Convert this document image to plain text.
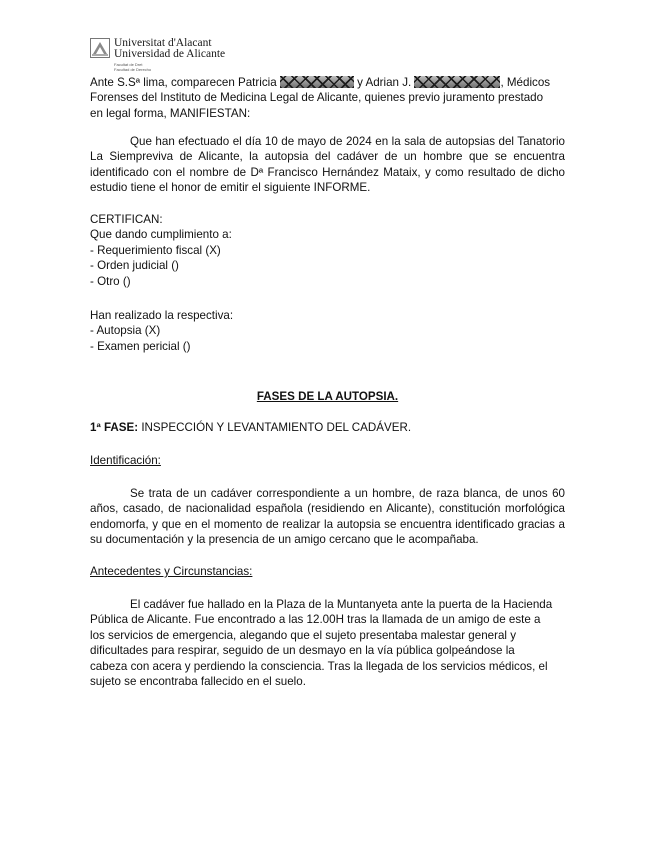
Universitat d'Alacant
Universidad de Alicante
Facultat de Dret
Facultad de Derecho
Ante S.Sª lima, comparecen Patricia	y Adrian J.	, Médicos
Forenses del Instituto de Medicina Legal de Alicante, quienes previo juramento prestado
en legal forma, MANIFIESTAN:
Que han efectuado el día 10 de mayo de 2024 en la sala de autopsias del Tanatorio La Siempreviva de Alicante, la autopsia del cadáver de un hombre que se encuentra identificado con el nombre de Dª Francisco Hernández Mataix, y como resultado de dicho estudio tiene el honor de emitir el siguiente INFORME.
CERTIFICAN:
Que dando cumplimiento a:
- Requerimiento fiscal (X)
- Orden judicial ()
- Otro ()
Han realizado la respectiva:
- Autopsia (X)
- Examen pericial ()
FASES DE LA AUTOPSIA.
1ª FASE: INSPECCIÓN Y LEVANTAMIENTO DEL CADÁVER.
Identificación:
Se trata de un cadáver correspondiente a un hombre, de raza blanca, de unos 60 años, casado, de nacionalidad española (residiendo en Alicante), constitución morfológica endomorfa, y que en el momento de realizar la autopsia se encuentra identificado gracias a su documentación y la presencia de un amigo cercano que le acompañaba.
Antecedentes y Circunstancias:
El cadáver fue hallado en la Plaza de la Muntanyeta ante la puerta de la Hacienda
Pública de Alicante. Fue encontrado a las 12.00H tras la llamada de un amigo de este a
los servicios de emergencia, alegando que el sujeto presentaba malestar general y
dificultades para respirar, seguido de un desmayo en la vía pública golpeándose la
cabeza con acera y perdiendo la consciencia. Tras la llegada de los servicios médicos, el
sujeto se encontraba fallecido en el suelo.
